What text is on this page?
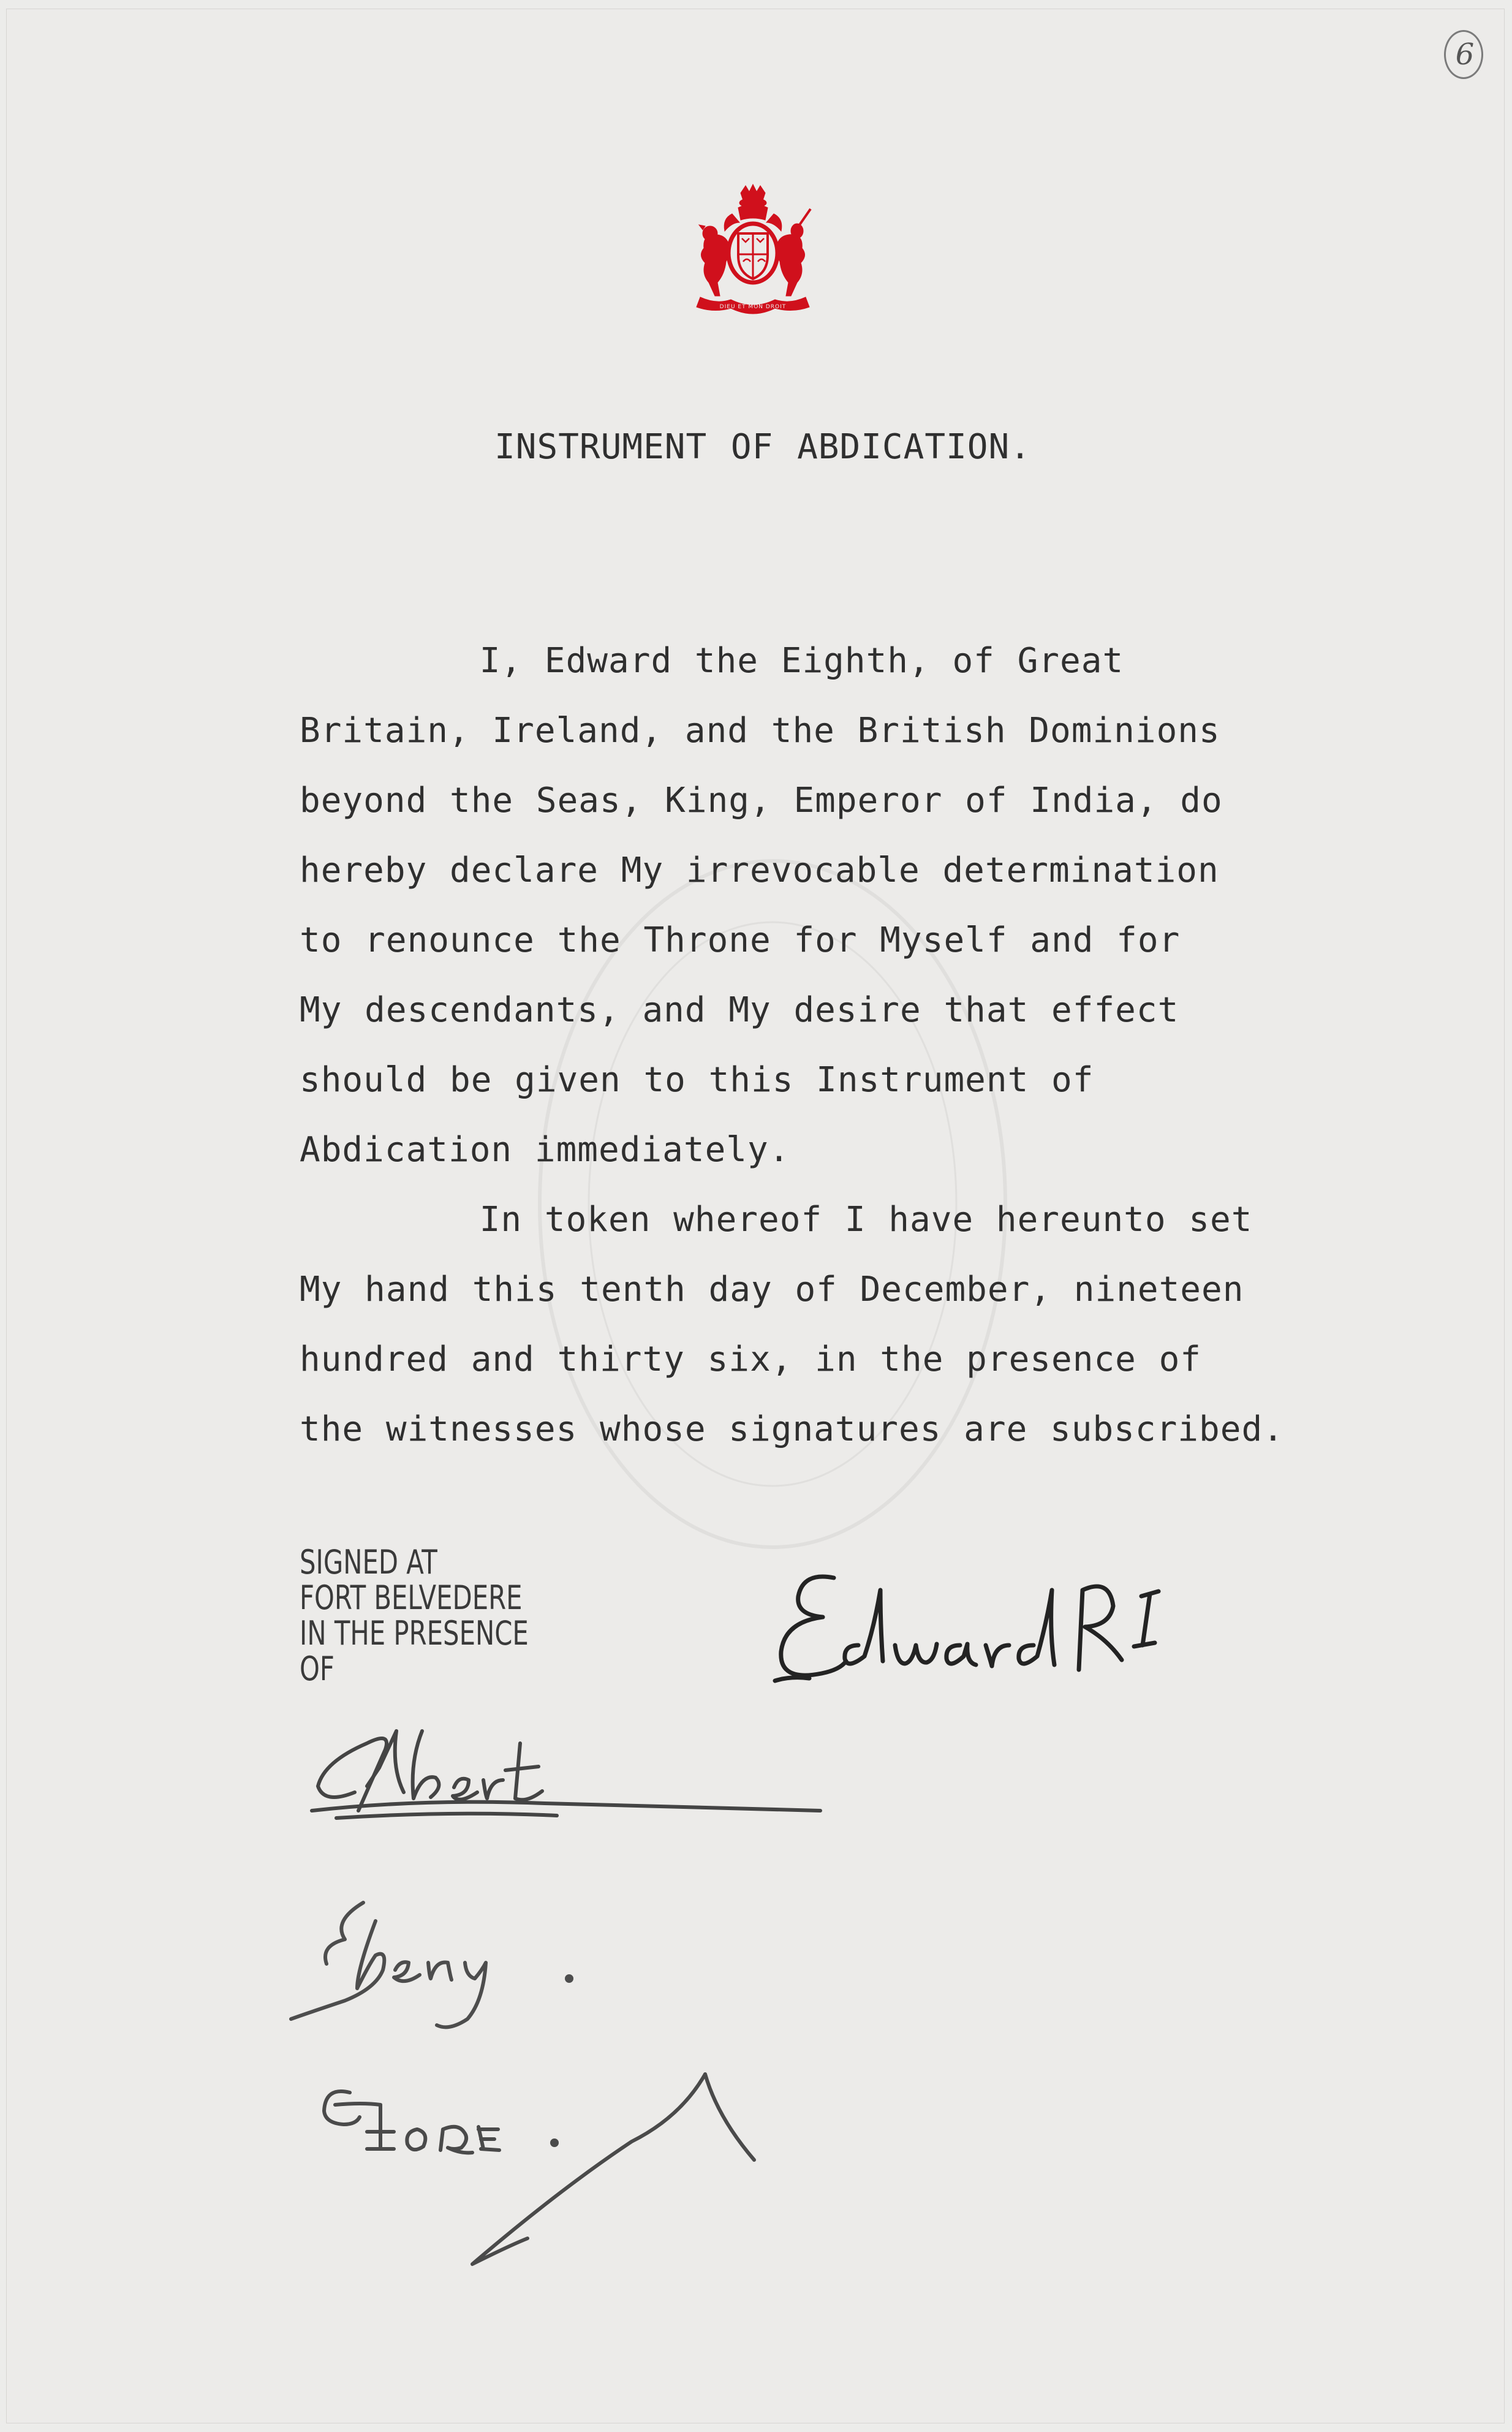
6
DIEU ET MON DROIT
INSTRUMENT OF ABDICATION.
I, Edward the Eighth, of Great
Britain, Ireland, and the British Dominions
beyond the Seas, King, Emperor of India, do
hereby declare My irrevocable determination
to renounce the Throne for Myself and for
My descendants, and My desire that effect
should be given to this Instrument of
Abdication immediately.
In token whereof I have hereunto set
My hand this tenth day of December, nineteen
hundred and thirty six, in the presence of
the witnesses whose signatures are subscribed.
SIGNED AT
FORT BELVEDERE
IN THE PRESENCE
OF
